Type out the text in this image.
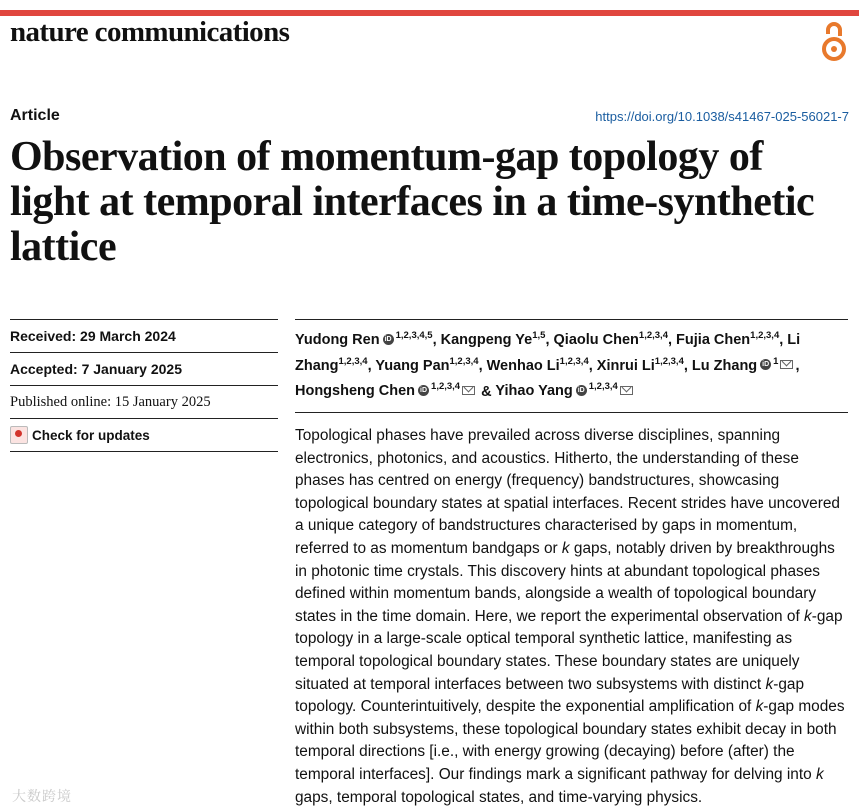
nature communications
Article	https://doi.org/10.1038/s41467-025-56021-7
Observation of momentum-gap topology of light at temporal interfaces in a time-synthetic lattice
Received:
29 March 2024
Accepted:
7 January 2025
Published online: 15 January 2025
Check for updates
Yudong Ren iD $^{1,2,3,4,5}$, Kangpeng Ye$^{1,5}$, Qiaolu Chen$^{1,2,3,4}$, Fujia Chen$^{1,2,3,4}$, Li Zhang$^{1,2,3,4}$, Yuang Pan$^{1,2,3,4}$, Wenhao Li$^{1,2,3,4}$, Xinrui Li$^{1,2,3,4}$, Lu Zhang iD $^1$ , Hongsheng Chen iD $^{1,2,3,4}$ & Yihao Yang iD $^{1,2,3,4}$

Topological phases have prevailed across diverse disciplines, spanning electronics, photonics, and acoustics. Hitherto, the understanding of these phases has centred on energy (frequency) bandstructures, showcasing topological boundary states at spatial interfaces. Recent strides have uncovered a unique category of bandstructures characterised by gaps in momentum, referred to as momentum bandgaps or k gaps, notably driven by breakthroughs in photonic time crystals. This discovery hints at abundant topological phases defined within momentum bands, alongside a wealth of topological boundary states in the time domain. Here, we report the experimental observation of k-gap topology in a large-scale optical temporal synthetic lattice, manifesting as temporal topological boundary states. These boundary states are uniquely situated at temporal interfaces between two subsystems with distinct k-gap topology. Counterintuitively, despite the exponential amplification of k-gap modes within both subsystems, these topological boundary states exhibit decay in both temporal directions [i.e., with energy growing (decaying) before (after) the temporal interfaces]. Our findings mark a significant pathway for delving into k gaps, temporal topological states, and time-varying physics.

大数跨境
